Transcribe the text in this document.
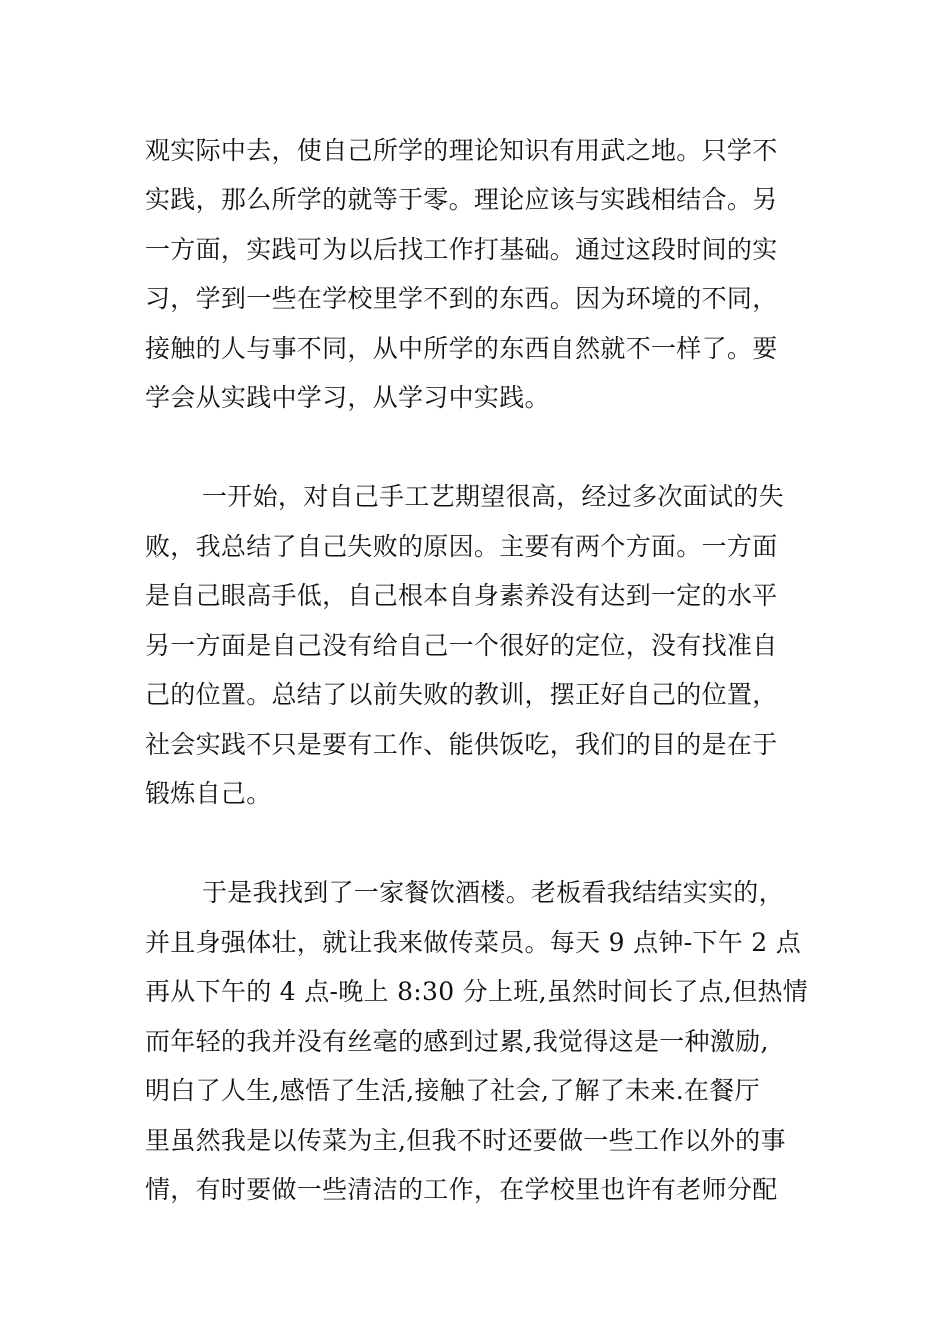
观实际中去，使自己所学的理论知识有用武之地。只学不
实践，那么所学的就等于零。理论应该与实践相结合。另
一方面，实践可为以后找工作打基础。通过这段时间的实
习，学到一些在学校里学不到的东西。因为环境的不同，
接触的人与事不同，从中所学的东西自然就不一样了。要
学会从实践中学习，从学习中实践。
一开始，对自己手工艺期望很高，经过多次面试的失
败，我总结了自己失败的原因。主要有两个方面。一方面
是自己眼高手低，自己根本自身素养没有达到一定的水平
另一方面是自己没有给自己一个很好的定位，没有找准自
己的位置。总结了以前失败的教训，摆正好自己的位置，
社会实践不只是要有工作、能供饭吃，我们的目的是在于
锻炼自己。
于是我找到了一家餐饮酒楼。老板看我结结实实的，
并且身强体壮，就让我来做传菜员。每天 9 点钟-下午 2 点
再从下午的 4 点-晚上 8:30 分上班,虽然时间长了点,但热情
而年轻的我并没有丝毫的感到过累,我觉得这是一种激励,
明白了人生,感悟了生活,接触了社会,了解了未来.在餐厅
里虽然我是以传菜为主,但我不时还要做一些工作以外的事
情，有时要做一些清洁的工作，在学校里也许有老师分配
